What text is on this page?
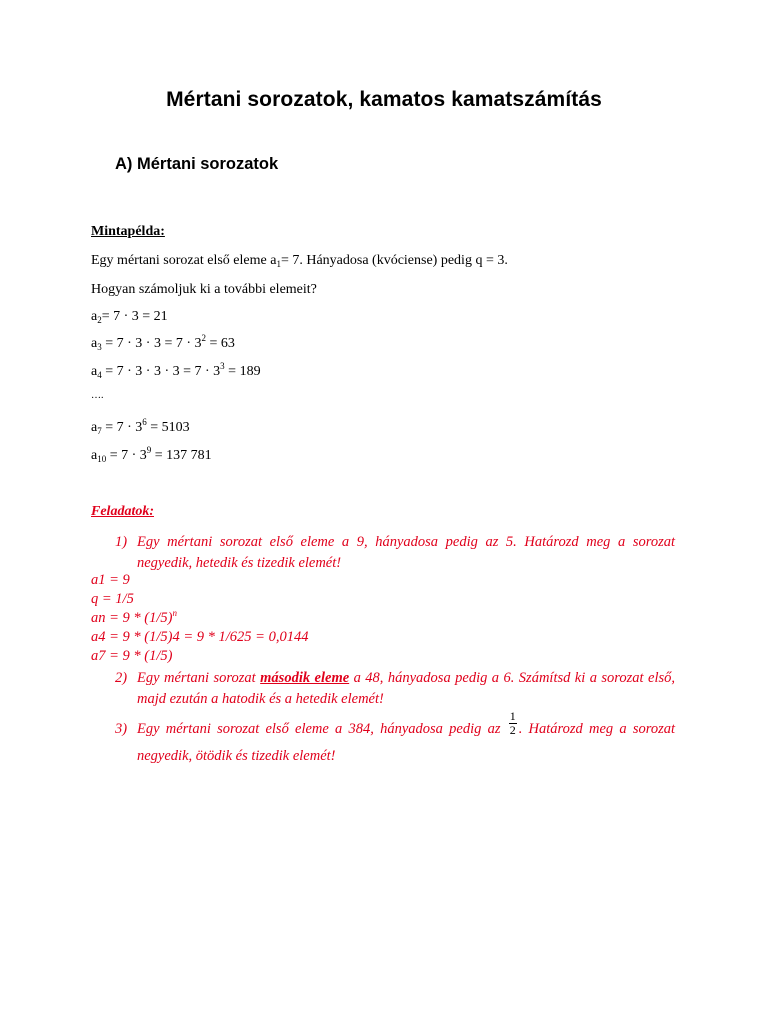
Mértani sorozatok, kamatos kamatszámítás
A) Mértani sorozatok
Mintapélda:
Egy mértani sorozat első eleme $a_1= 7$. Hányadosa (kvóciense) pedig q = 3.
Hogyan számoljuk ki a további elemeit?
$a_2= 7 \cdot 3 = 21$
$a_3 = 7 \cdot 3 \cdot 3 = 7 \cdot 3^2 = 63$
$a_4 = 7 \cdot 3 \cdot 3 \cdot 3 = 7 \cdot 3^3 = 189$
….
$a_7 = 7 \cdot 3^6 = 5103$
$a_{10} = 7 \cdot 3^9 = 137$ 781
Feladatok:
1) Egy mértani sorozat első eleme a 9, hányadosa pedig az 5. Határozd meg a sorozat negyedik, hetedik és tizedik elemét!
a1 = 9
q = 1/5
an = $9 * (1/5)^n$
a4 = 9 * (1/5)4 = 9 * 1/625 = 0,0144
a7 = 9 * (1/5)
2) Egy mértani sorozat második eleme a 48, hányadosa pedig a 6. Számítsd ki a sorozat első, majd ezután a hatodik és a hetedik elemét!
3) Egy mértani sorozat első eleme a 384, hányadosa pedig az $\frac{1}{2}$ . Határozd meg a sorozat negyedik, ötödik és tizedik elemét!
